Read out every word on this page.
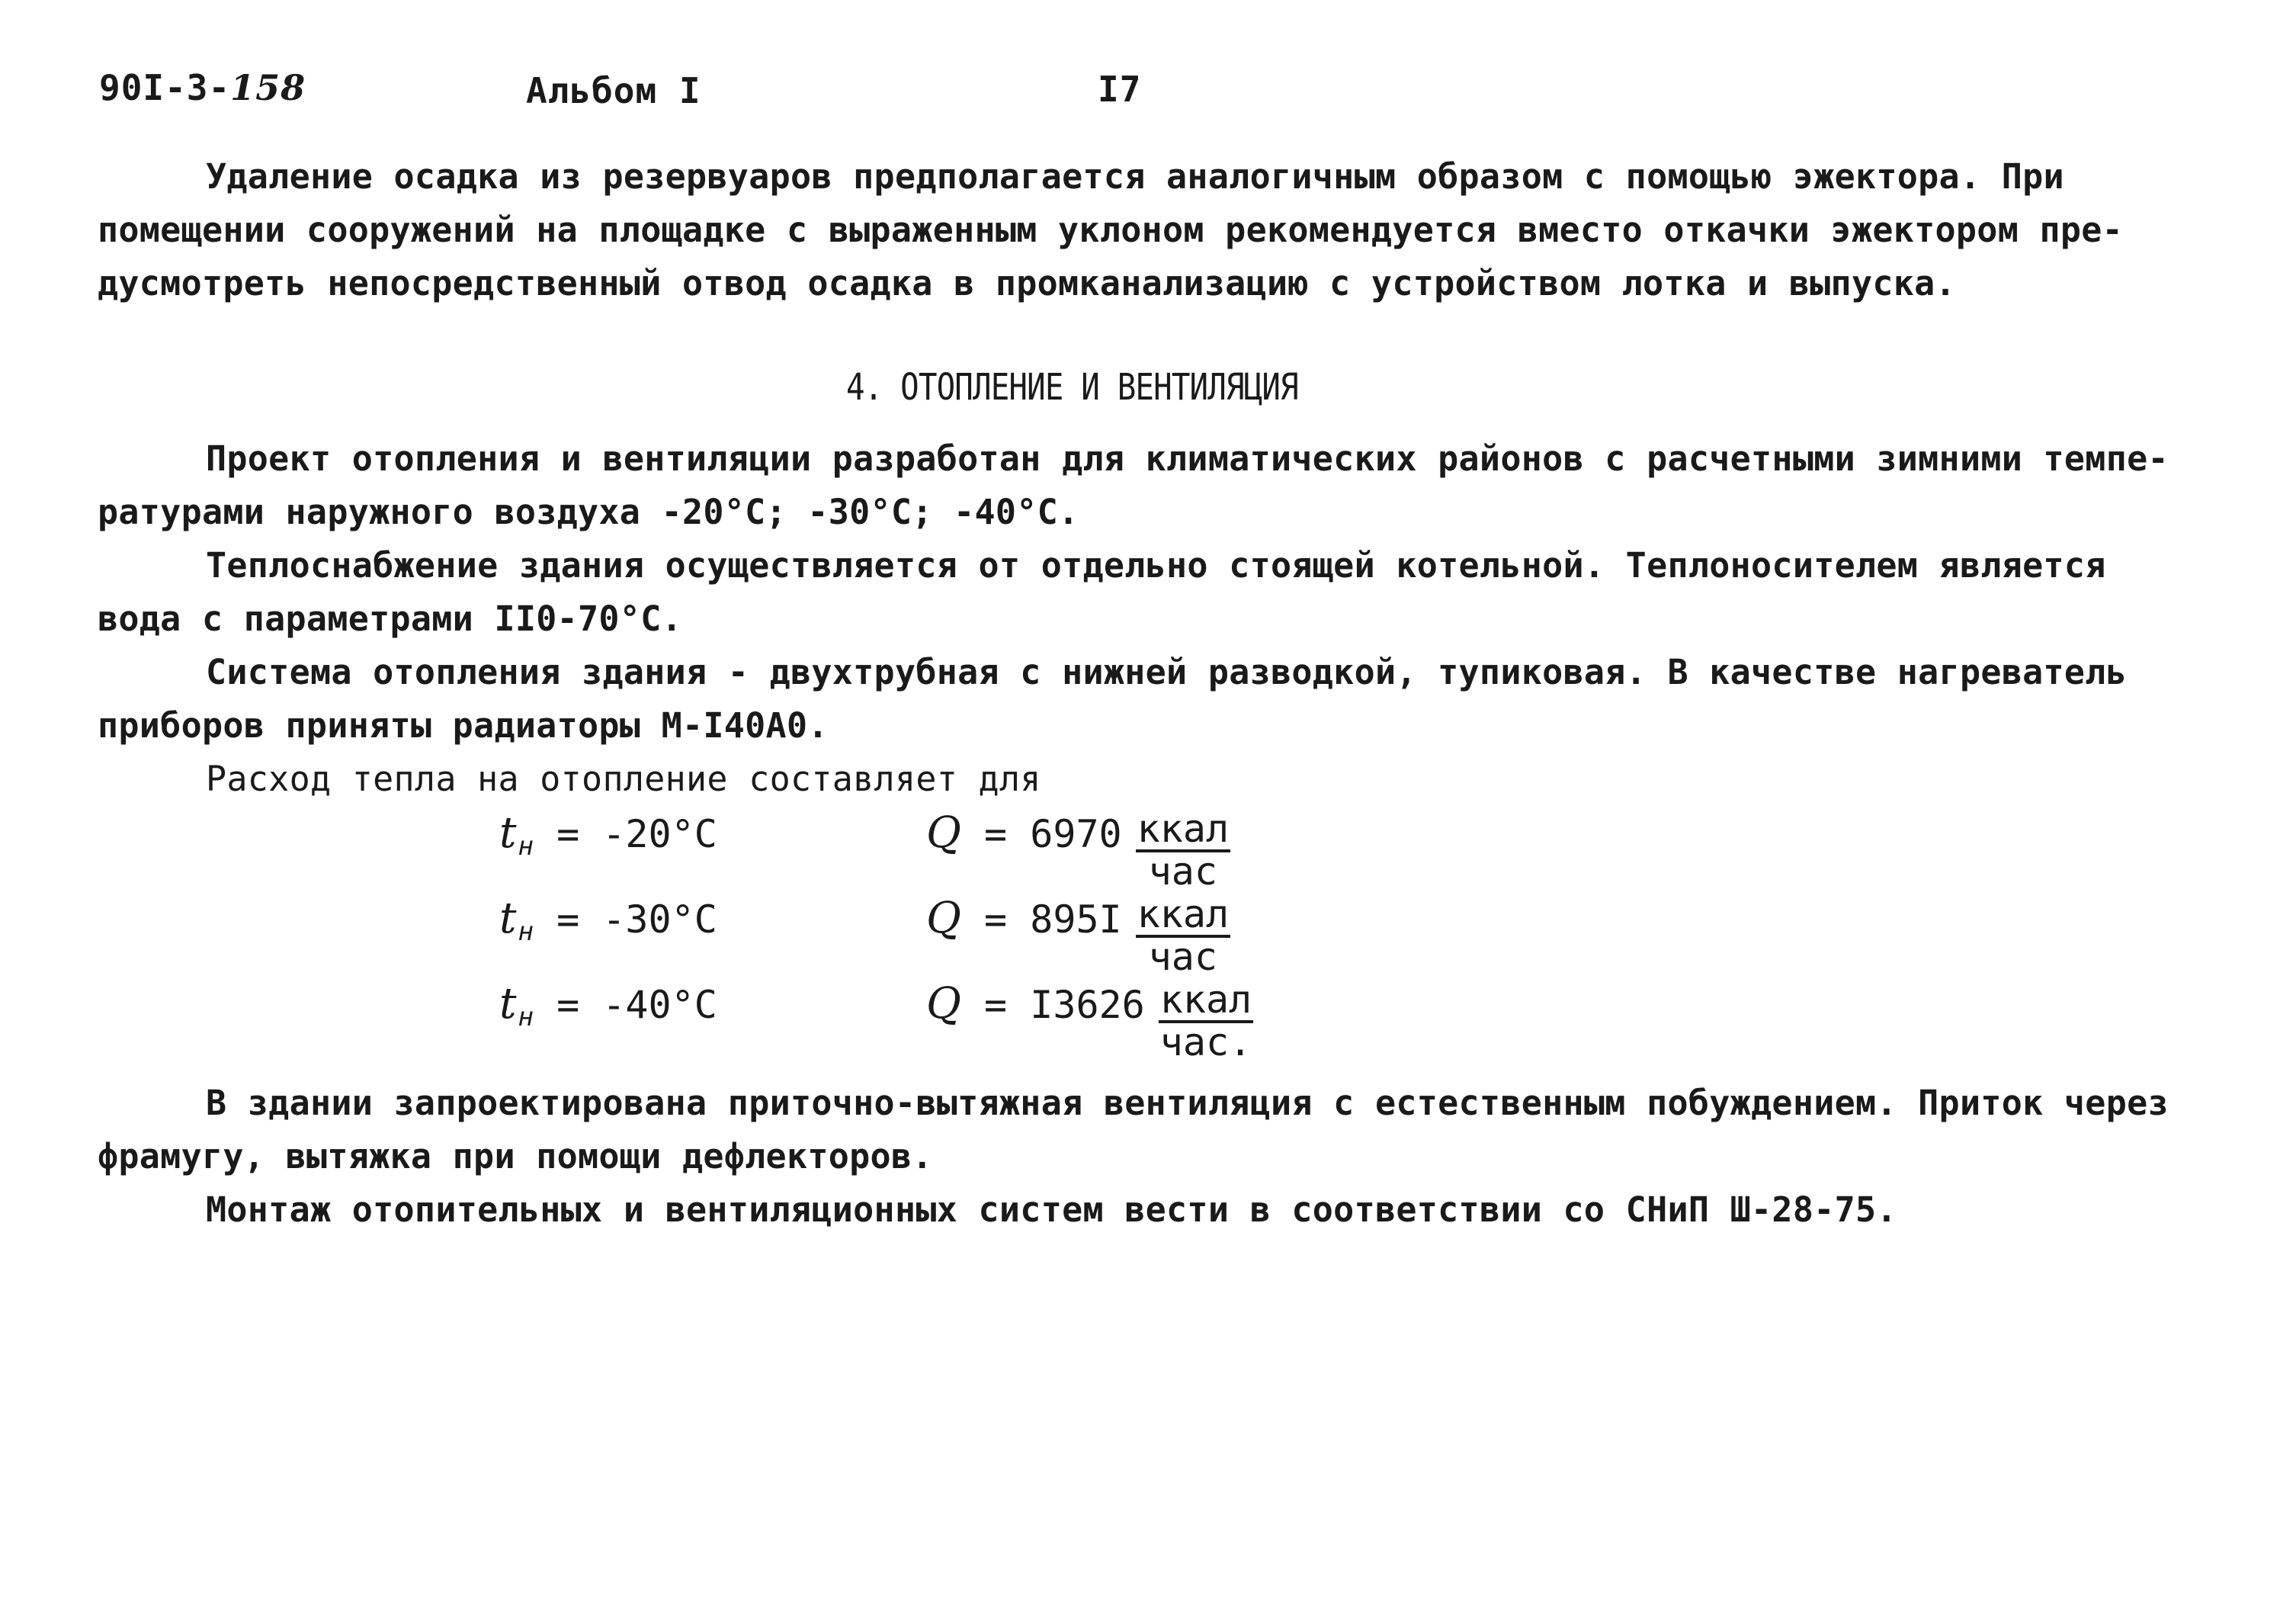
90I-3-158	Альбом I	I7
Удаление осадка из резервуаров предполагается аналогичным образом с помощью эжектора. При
помещении сооружений на площадке с выраженным уклоном рекомендуется вместо откачки эжектором пре-
дусмотреть непосредственный отвод осадка в промканализацию с устройством лотка и выпуска.
4. ОТОПЛЕНИЕ И ВЕНТИЛЯЦИЯ
Проект отопления и вентиляции разработан для климатических районов с расчетными зимними темпе-
ратурами наружного воздуха -20°С; -30°С; -40°С.
Теплоснабжение здания осуществляется от отдельно стоящей котельной. Теплоносителем является
вода с параметрами II0-70°С.
Система отопления здания - двухтрубная с нижней разводкой, тупиковая. В качестве нагреватель
приборов приняты радиаторы М-I40А0.
Расход тепла на отопление составляет для
$t_н = -20^\circ С$	$Q = 6970 \frac{\text{ккал}}{\text{час}}$
$t_н = -30^\circ С$	$Q = 895I \frac{\text{ккал}}{\text{час}}$
$t_н = -40^\circ С$	$Q = I3626 \frac{\text{ккал}}{\text{час.}}$
В здании запроектирована приточно-вытяжная вентиляция с естественным побуждением. Приток через
фрамугу, вытяжка при помощи дефлекторов.
Монтаж отопительных и вентиляционных систем вести в соответствии со СНиП Ш-28-75.
